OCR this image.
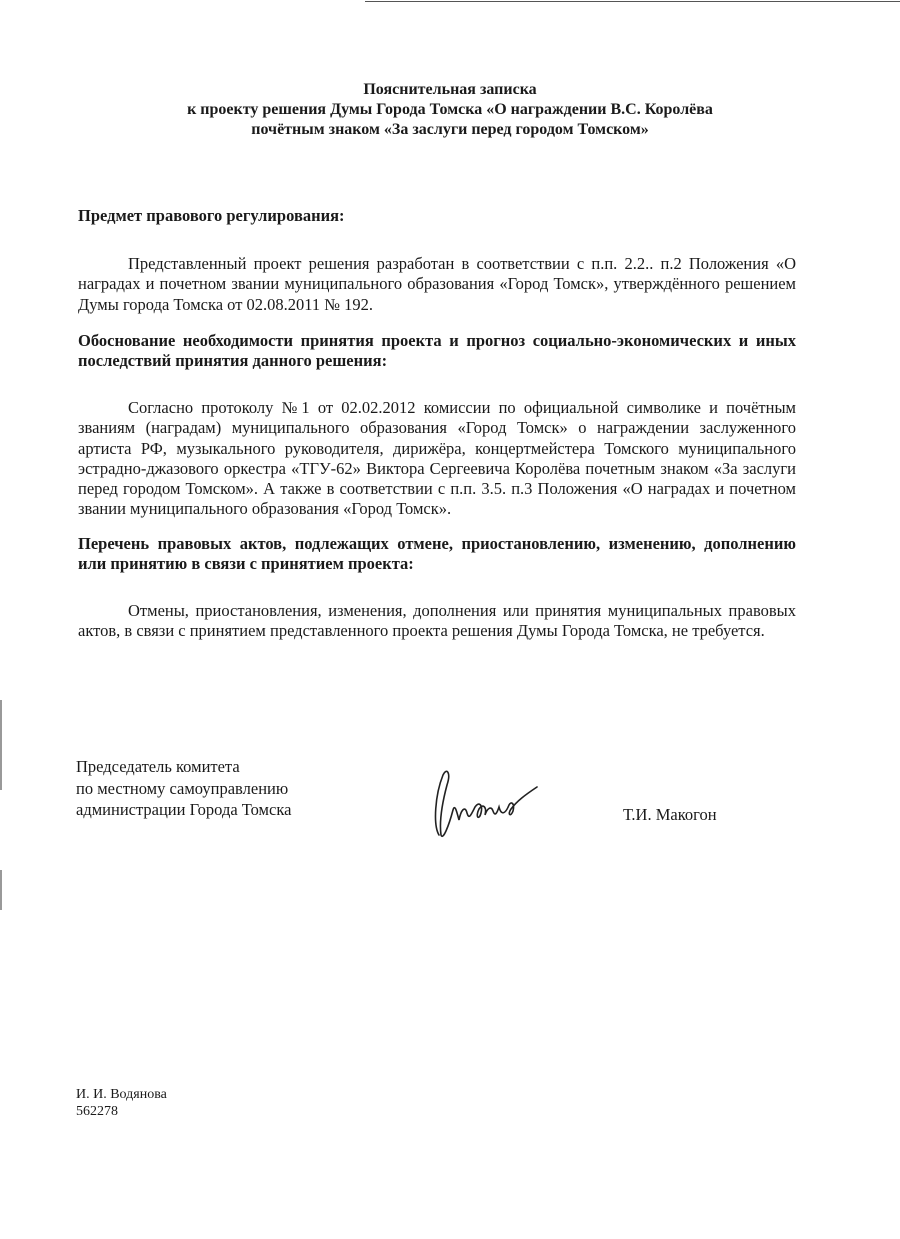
Пояснительная записка
к проекту решения Думы Города Томска «О награждении В.С. Королёва
почётным знаком «За заслуги перед городом Томском»
Предмет правового регулирования:
Представленный проект решения разработан в соответствии с п.п. 2.2.. п.2 Положения «О наградах и почетном звании муниципального образования «Город Томск», утверждённого решением Думы города Томска от 02.08.2011 № 192.
Обоснование необходимости принятия проекта и прогноз социально-экономических и иных последствий принятия данного решения:
Согласно протоколу №1 от 02.02.2012 комиссии по официальной символике и почётным званиям (наградам) муниципального образования «Город Томск» о награждении заслуженного артиста РФ, музыкального руководителя, дирижёра, концертмейстера Томского муниципального эстрадно-джазового оркестра «ТГУ-62» Виктора Сергеевича Королёва почетным знаком «За заслуги перед городом Томском». А также в соответствии с п.п. 3.5. п.3 Положения «О наградах и почетном звании муниципального образования «Город Томск».
Перечень правовых актов, подлежащих отмене, приостановлению, изменению, дополнению или принятию в связи с принятием проекта:
Отмены, приостановления, изменения, дополнения или принятия муниципальных правовых актов, в связи с принятием представленного проекта решения Думы Города Томска, не требуется.
Председатель комитета
по местному самоуправлению
администрации Города Томска	Т.И. Макогон
И. И. Водянова
562278
